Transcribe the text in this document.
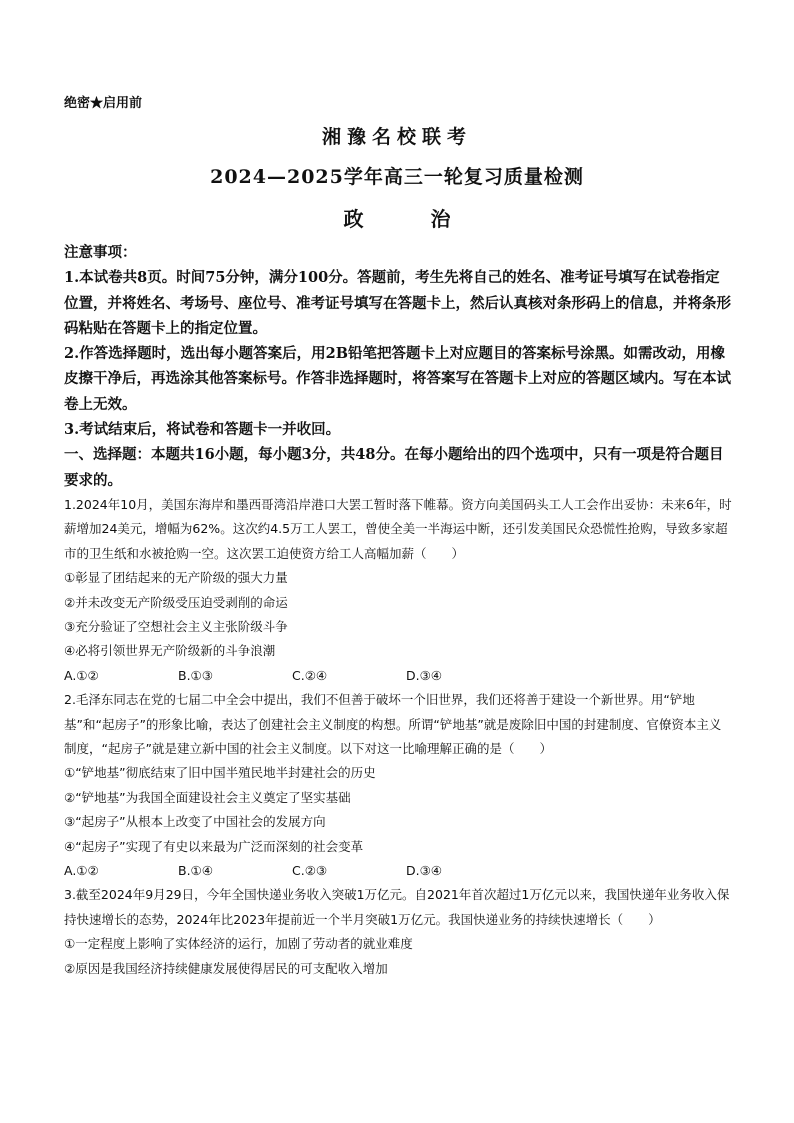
绝密★启用前
湘豫名校联考
2024—2025学年高三一轮复习质量检测
政 治

注意事项：

1.本试卷共8页。时间75分钟，满分100分。答题前，考生先将自己的姓名、准考证号填写在试卷指定位置，并将姓名、考场号、座位号、准考证号填写在答题卡上，然后认真核对条形码上的信息，并将条形码粘贴在答题卡上的指定位置。

2.作答选择题时，选出每小题答案后，用2B铅笔把答题卡上对应题目的答案标号涂黑。如需改动，用橡皮擦干净后，再选涂其他答案标号。作答非选择题时，将答案写在答题卡上对应的答题区域内。写在本试卷上无效。

3.考试结束后，将试卷和答题卡一并收回。

一、选择题：本题共16小题，每小题3分，共48分。在每小题给出的四个选项中，只有一项是符合题目要求的。

1.2024年10月，美国东海岸和墨西哥湾沿岸港口大罢工暂时落下帷幕。资方向美国码头工人工会作出妥协：未来6年，时薪增加24美元，增幅为62%。这次约4.5万工人罢工，曾使全美一半海运中断，还引发美国民众恐慌性抢购，导致多家超市的卫生纸和水被抢购一空。这次罢工迫使资方给工人高幅加薪（　　）

①彰显了团结起来的无产阶级的强大力量

②并未改变无产阶级受压迫受剥削的命运

③充分验证了空想社会主义主张阶级斗争

④必将引领世界无产阶级新的斗争浪潮

A.①②	B.①③	C.②④	D.③④

2.毛泽东同志在党的七届二中全会中提出，我们不但善于破坏一个旧世界，我们还将善于建设一个新世界。用“铲地基”和“起房子”的形象比喻，表达了创建社会主义制度的构想。所谓“铲地基”就是废除旧中国的封建制度、官僚资本主义制度，“起房子”就是建立新中国的社会主义制度。以下对这一比喻理解正确的是（　　）

①“铲地基”彻底结束了旧中国半殖民地半封建社会的历史

②“铲地基”为我国全面建设社会主义奠定了坚实基础

③“起房子”从根本上改变了中国社会的发展方向

④“起房子”实现了有史以来最为广泛而深刻的社会变革

A.①②	B.①④	C.②③	D.③④

3.截至2024年9月29日，今年全国快递业务收入突破1万亿元。自2021年首次超过1万亿元以来，我国快递年业务收入保持快速增长的态势，2024年比2023年提前近一个半月突破1万亿元。我国快递业务的持续快速增长（　　）

①一定程度上影响了实体经济的运行，加剧了劳动者的就业难度

②原因是我国经济持续健康发展使得居民的可支配收入增加
